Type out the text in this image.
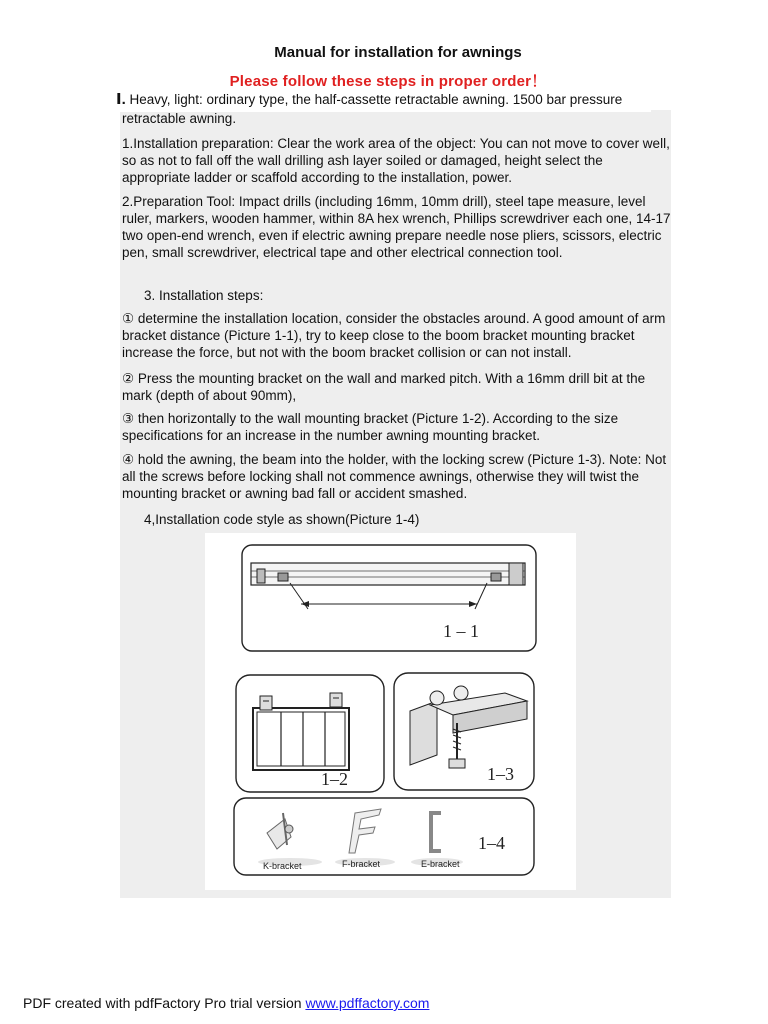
Manual for installation for awnings
Please follow these steps in proper order！
Ⅰ. Heavy, light: ordinary type, the half-cassette retractable awning. 1500 bar pressure
retractable awning.

1.Installation preparation: Clear the work area of the object: You can not move to cover well, so as not to fall off the wall drilling ash layer soiled or damaged, height select the appropriate ladder or scaffold according to the installation, power.

2.Preparation Tool: Impact drills (including 16mm, 10mm drill), steel tape measure, level ruler, markers, wooden hammer, within 8A hex wrench, Phillips screwdriver each one, 14-17 two open-end wrench, even if electric awning prepare needle nose pliers, scissors, electric pen, small screwdriver, electrical tape and other electrical connection tool.

3. Installation steps:

① determine the installation location, consider the obstacles around. A good amount of arm bracket distance (Picture 1-1), try to keep close to the boom bracket mounting bracket increase the force, but not with the boom bracket collision or can not install.

② Press the mounting bracket on the wall and marked pitch. With a 16mm drill bit at the mark (depth of about 90mm),

③ then horizontally to the wall mounting bracket (Picture 1-2). According to the size specifications for an increase in the number awning mounting bracket.

④ hold the awning, the beam into the holder, with the locking screw (Picture 1-3). Note: Not all the screws before locking shall not commence awnings, otherwise they will twist the mounting bracket or awning bad fall or accident smashed.

4,Installation code style as shown(Picture 1-4)

1 – 1
1–2	1–3
K-bracket	F-bracket	E-bracket
1–4
PDF created with pdfFactory Pro trial version www.pdffactory.com
